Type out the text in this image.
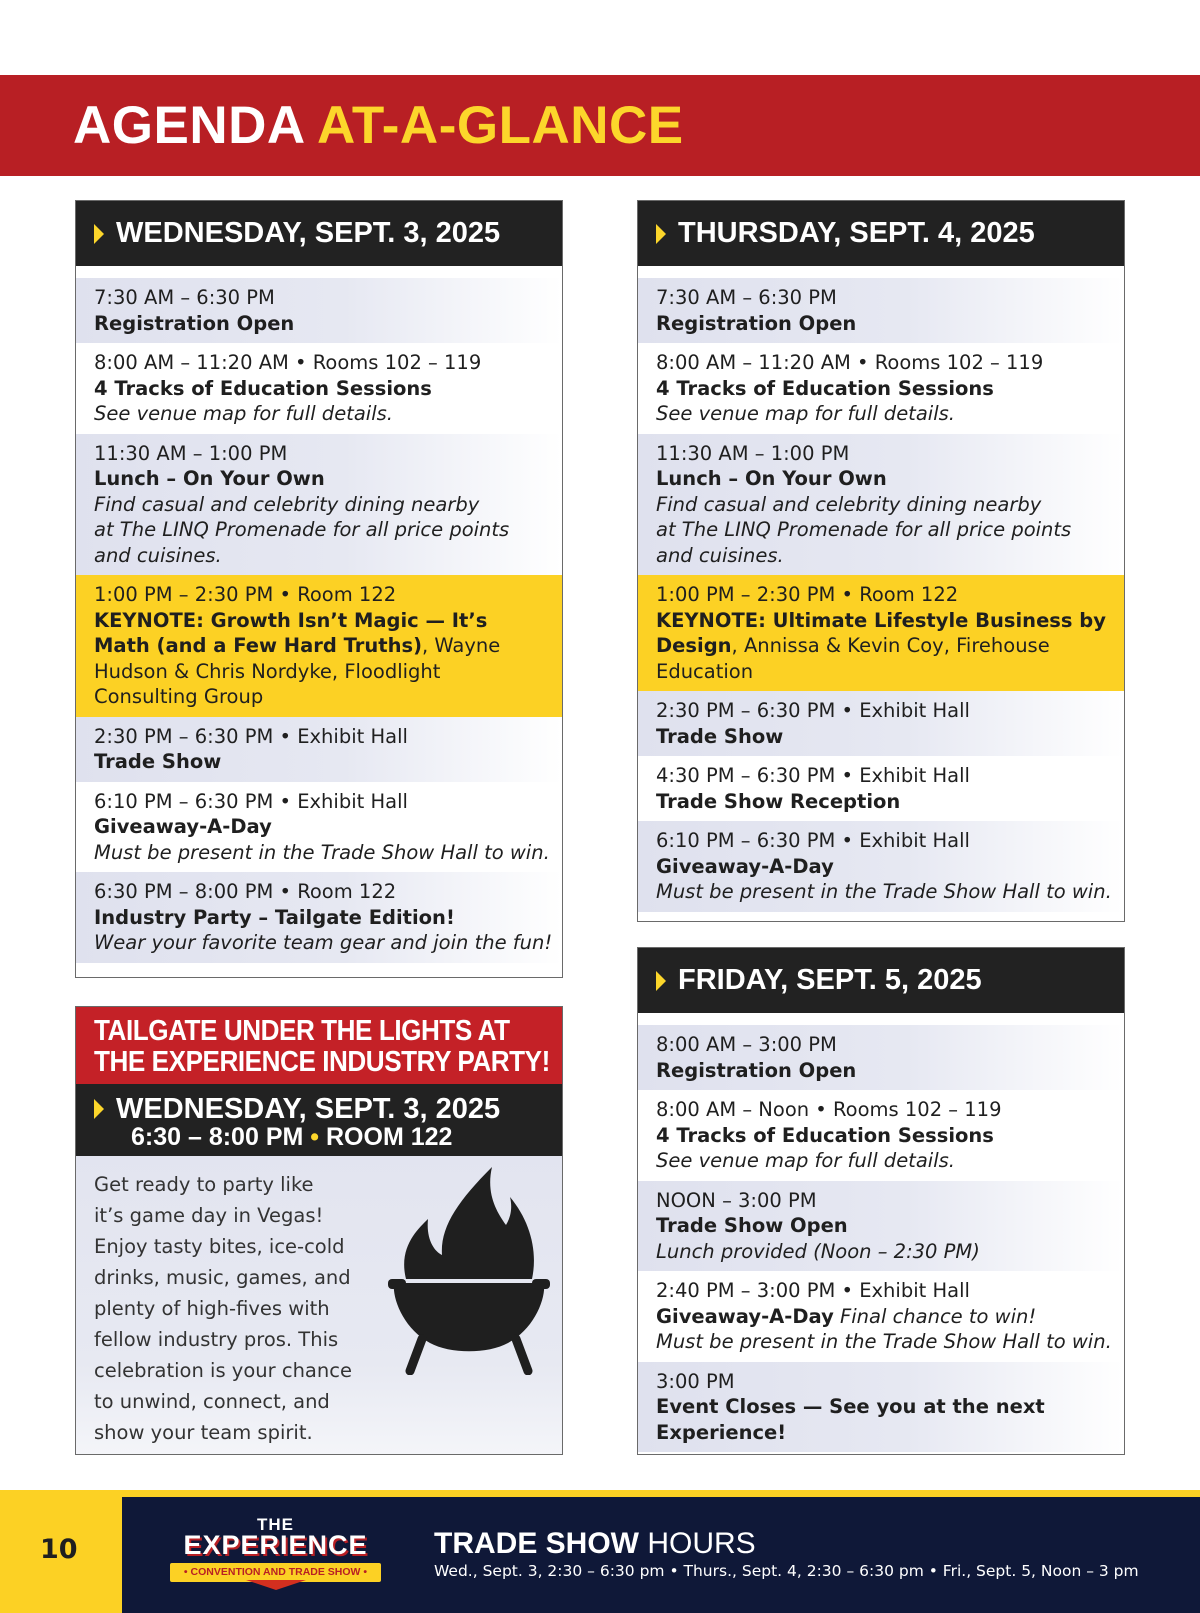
AGENDA AT-A-GLANCE
WEDNESDAY, SEPT. 3, 2025
7:30 AM – 6:30 PM
Registration Open
8:00 AM – 11:20 AM • Rooms 102 – 119
4 Tracks of Education Sessions
See venue map for full details.
11:30 AM – 1:00 PM
Lunch – On Your Own
Find casual and celebrity dining nearby
at The LINQ Promenade for all price points
and cuisines.
1:00 PM – 2:30 PM • Room 122
KEYNOTE: Growth Isn’t Magic — It’s Math (and a Few Hard Truths), Wayne Hudson & Chris Nordyke, Floodlight Consulting Group
2:30 PM – 6:30 PM • Exhibit Hall
Trade Show
6:10 PM – 6:30 PM • Exhibit Hall
Giveaway-A-Day
Must be present in the Trade Show Hall to win.
6:30 PM – 8:00 PM • Room 122
Industry Party – Tailgate Edition!
Wear your favorite team gear and join the fun!
THURSDAY, SEPT. 4, 2025
7:30 AM – 6:30 PM
Registration Open
8:00 AM – 11:20 AM • Rooms 102 – 119
4 Tracks of Education Sessions
See venue map for full details.
11:30 AM – 1:00 PM
Lunch – On Your Own
Find casual and celebrity dining nearby
at The LINQ Promenade for all price points
and cuisines.
1:00 PM – 2:30 PM • Room 122
KEYNOTE: Ultimate Lifestyle Business by Design, Annissa & Kevin Coy, Firehouse Education
2:30 PM – 6:30 PM • Exhibit Hall
Trade Show
4:30 PM – 6:30 PM • Exhibit Hall
Trade Show Reception
6:10 PM – 6:30 PM • Exhibit Hall
Giveaway-A-Day
Must be present in the Trade Show Hall to win.
FRIDAY, SEPT. 5, 2025
8:00 AM – 3:00 PM
Registration Open
8:00 AM – Noon • Rooms 102 – 119
4 Tracks of Education Sessions
See venue map for full details.
NOON – 3:00 PM
Trade Show Open
Lunch provided (Noon – 2:30 PM)
2:40 PM – 3:00 PM • Exhibit Hall
Giveaway-A-Day Final chance to win!
Must be present in the Trade Show Hall to win.
3:00 PM
Event Closes — See you at the next Experience!
TAILGATE UNDER THE LIGHTS AT
THE EXPERIENCE INDUSTRY PARTY!
WEDNESDAY, SEPT. 3, 2025
6:30 – 8:00 PM • ROOM 122
Get ready to party like
it’s game day in Vegas!
Enjoy tasty bites, ice-cold
drinks, music, games, and
plenty of high-fives with
fellow industry pros. This
celebration is your chance
to unwind, connect, and
show your team spirit.
10
THE
EXPERIENCE
• CONVENTION AND TRADE SHOW •
TRADE SHOW HOURS
Wed., Sept. 3, 2:30 – 6:30 pm • Thurs., Sept. 4, 2:30 – 6:30 pm • Fri., Sept. 5, Noon – 3 pm
